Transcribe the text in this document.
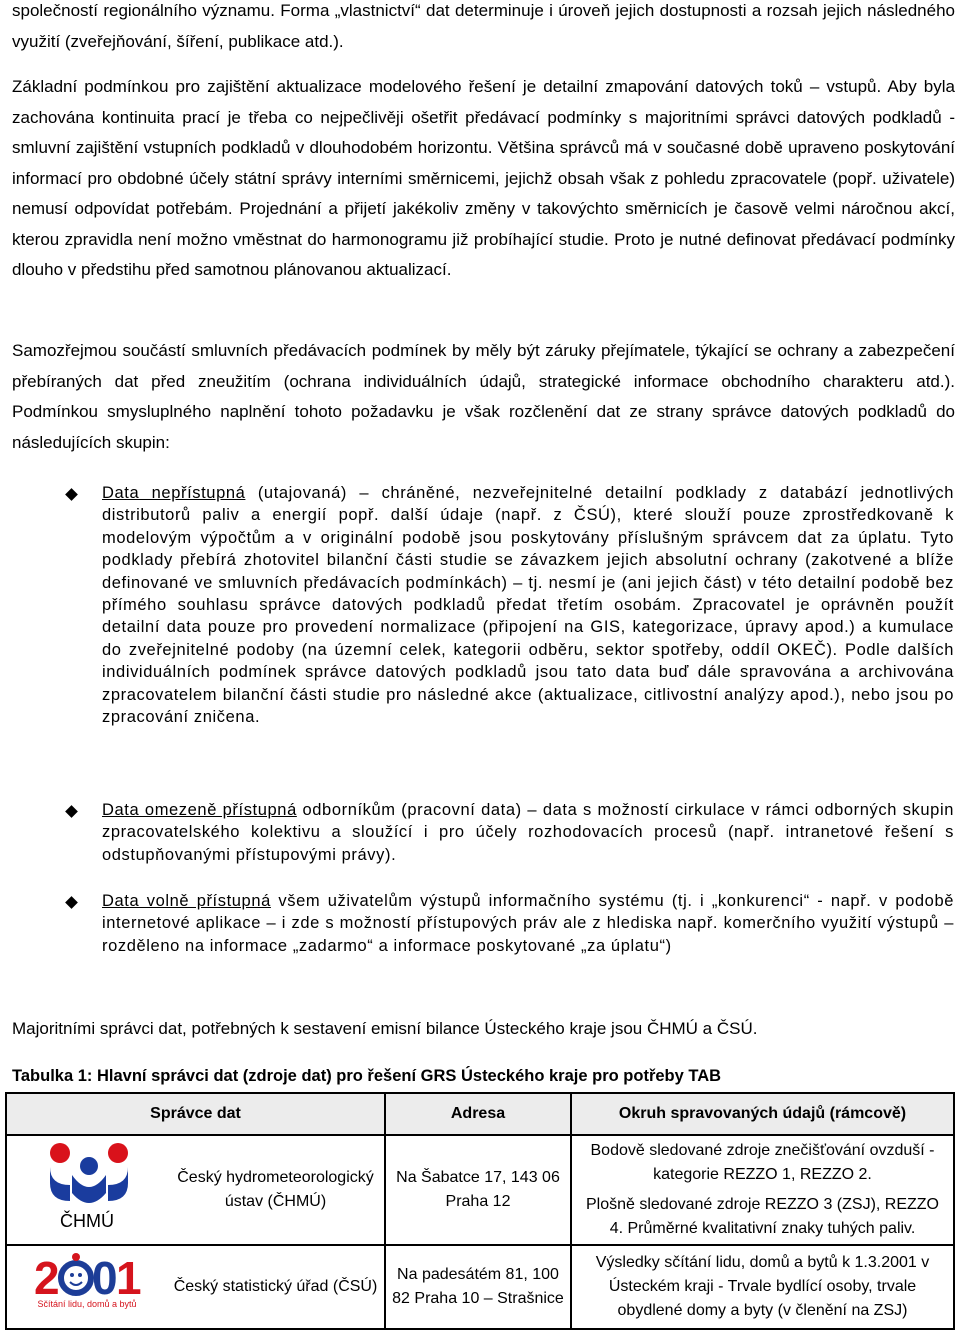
společností regionálního významu. Forma „vlastnictví“ dat determinuje i úroveň jejich dostupnosti a rozsah jejich následného využití (zveřejňování, šíření, publikace atd.).

Základní podmínkou pro zajištění aktualizace modelového řešení je detailní zmapování datových toků – vstupů. Aby byla zachována kontinuita prací je třeba co nejpečlivěji ošetřit předávací podmínky s majoritními správci datových podkladů - smluvní zajištění vstupních podkladů v dlouhodobém horizontu. Většina správců má v současné době upraveno poskytování informací pro obdobné účely státní správy interními směrnicemi, jejichž obsah však z pohledu zpracovatele (popř. uživatele) nemusí odpovídat potřebám. Projednání a přijetí jakékoliv změny v takovýchto směrnicích je časově velmi náročnou akcí, kterou zpravidla není možno vměstnat do harmonogramu již probíhající studie. Proto je nutné definovat předávací podmínky dlouho v předstihu před samotnou plánovanou aktualizací.

Samozřejmou součástí smluvních předávacích podmínek by měly být záruky přejímatele, týkající se ochrany a zabezpečení přebíraných dat před zneužitím (ochrana individuálních údajů, strategické informace obchodního charakteru atd.). Podmínkou smysluplného naplnění tohoto požadavku je však rozčlenění dat ze strany správce datových podkladů do následujících skupin:

Data nepřístupná (utajovaná) – chráněné, nezveřejnitelné detailní podklady z databází jednotlivých distributorů paliv a energií popř. další údaje (např. z ČSÚ), které slouží pouze zprostředkovaně k modelovým výpočtům a v originální podobě jsou poskytovány příslušným správcem dat za úplatu. Tyto podklady přebírá zhotovitel bilanční části studie se závazkem jejich absolutní ochrany (zakotvené a blíže definované ve smluvních předávacích podmínkách) – tj. nesmí je (ani jejich část) v této detailní podobě bez přímého souhlasu správce datových podkladů předat třetím osobám. Zpracovatel je oprávněn použít detailní data pouze pro provedení normalizace (připojení na GIS, kategorizace, úpravy apod.) a kumulace do zveřejnitelné podoby (na územní celek, kategorii odběru, sektor spotřeby, oddíl OKEČ). Podle dalších individuálních podmínek správce datových podkladů jsou tato data buď dále spravována a archivována zpracovatelem bilanční části studie pro následné akce (aktualizace, citlivostní analýzy apod.), nebo jsou po zpracování zničena.

Data omezeně přístupná odborníkům (pracovní data) – data s možností cirkulace v rámci odborných skupin zpracovatelského kolektivu a sloužící i pro účely rozhodovacích procesů (např. intranetové řešení s odstupňovanými přístupovými právy).

Data volně přístupná všem uživatelům výstupů informačního systému (tj. i „konkurenci“ - např. v podobě internetové aplikace – i zde s možností přístupových práv ale z hlediska např. komerčního využití výstupů – rozděleno na informace „zadarmo“ a informace poskytované „za úplatu“)

Majoritními správci dat, potřebných k sestavení emisní bilance Ústeckého kraje jsou ČHMÚ a ČSÚ.

Tabulka 1: Hlavní správci dat (zdroje dat) pro řešení GRS Ústeckého kraje pro potřeby TAB

Správce dat		Adresa	Okruh spravovaných údajů (rámcově)

ČHMÚ	Český hydrometeorologický ústav (ČHMÚ)	Na Šabatce 17, 143 06 Praha 12	Bodově sledované zdroje znečišťování ovzduší - kategorie REZZO 1, REZZO 2.
Plošně sledované zdroje REZZO 3 (ZSJ), REZZO 4. Průměrné kvalitativní znaky tuhých paliv.

2 0
1
Sčítání lidu, domů a bytů	Český statistický úřad (ČSÚ)	Na padesátém 81, 100 82 Praha 10 – Strašnice	Výsledky sčítání lidu, domů a bytů k 1.3.2001 v Ústeckém kraji - Trvale bydlící osoby, trvale obydlené domy a byty (v členění na ZSJ)
